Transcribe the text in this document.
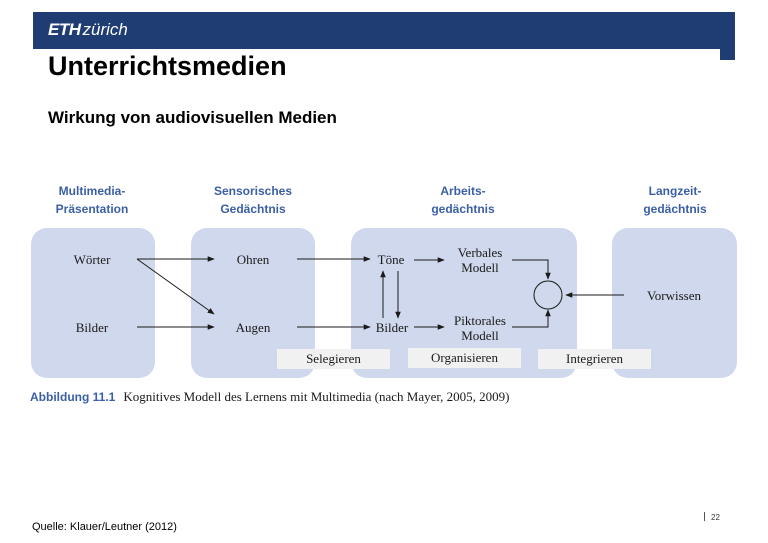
ETH zürich
Unterrichtsmedien
Wirkung von audiovisuellen Medien
Multimedia-
Präsentation
Sensorisches
Gedächtnis
Arbeits-
gedächtnis
Langzeit-
gedächtnis
Wörter
Bilder
Ohren
Augen
Töne
Bilder
Verbales
Modell
Piktorales
Modell
Vorwissen
Selegieren	Organisieren	Integrieren
Abbildung 11.1 Kognitives Modell des Lernens mit Multimedia (nach Mayer, 2005, 2009)
Quelle: Klauer/Leutner (2012)
22
